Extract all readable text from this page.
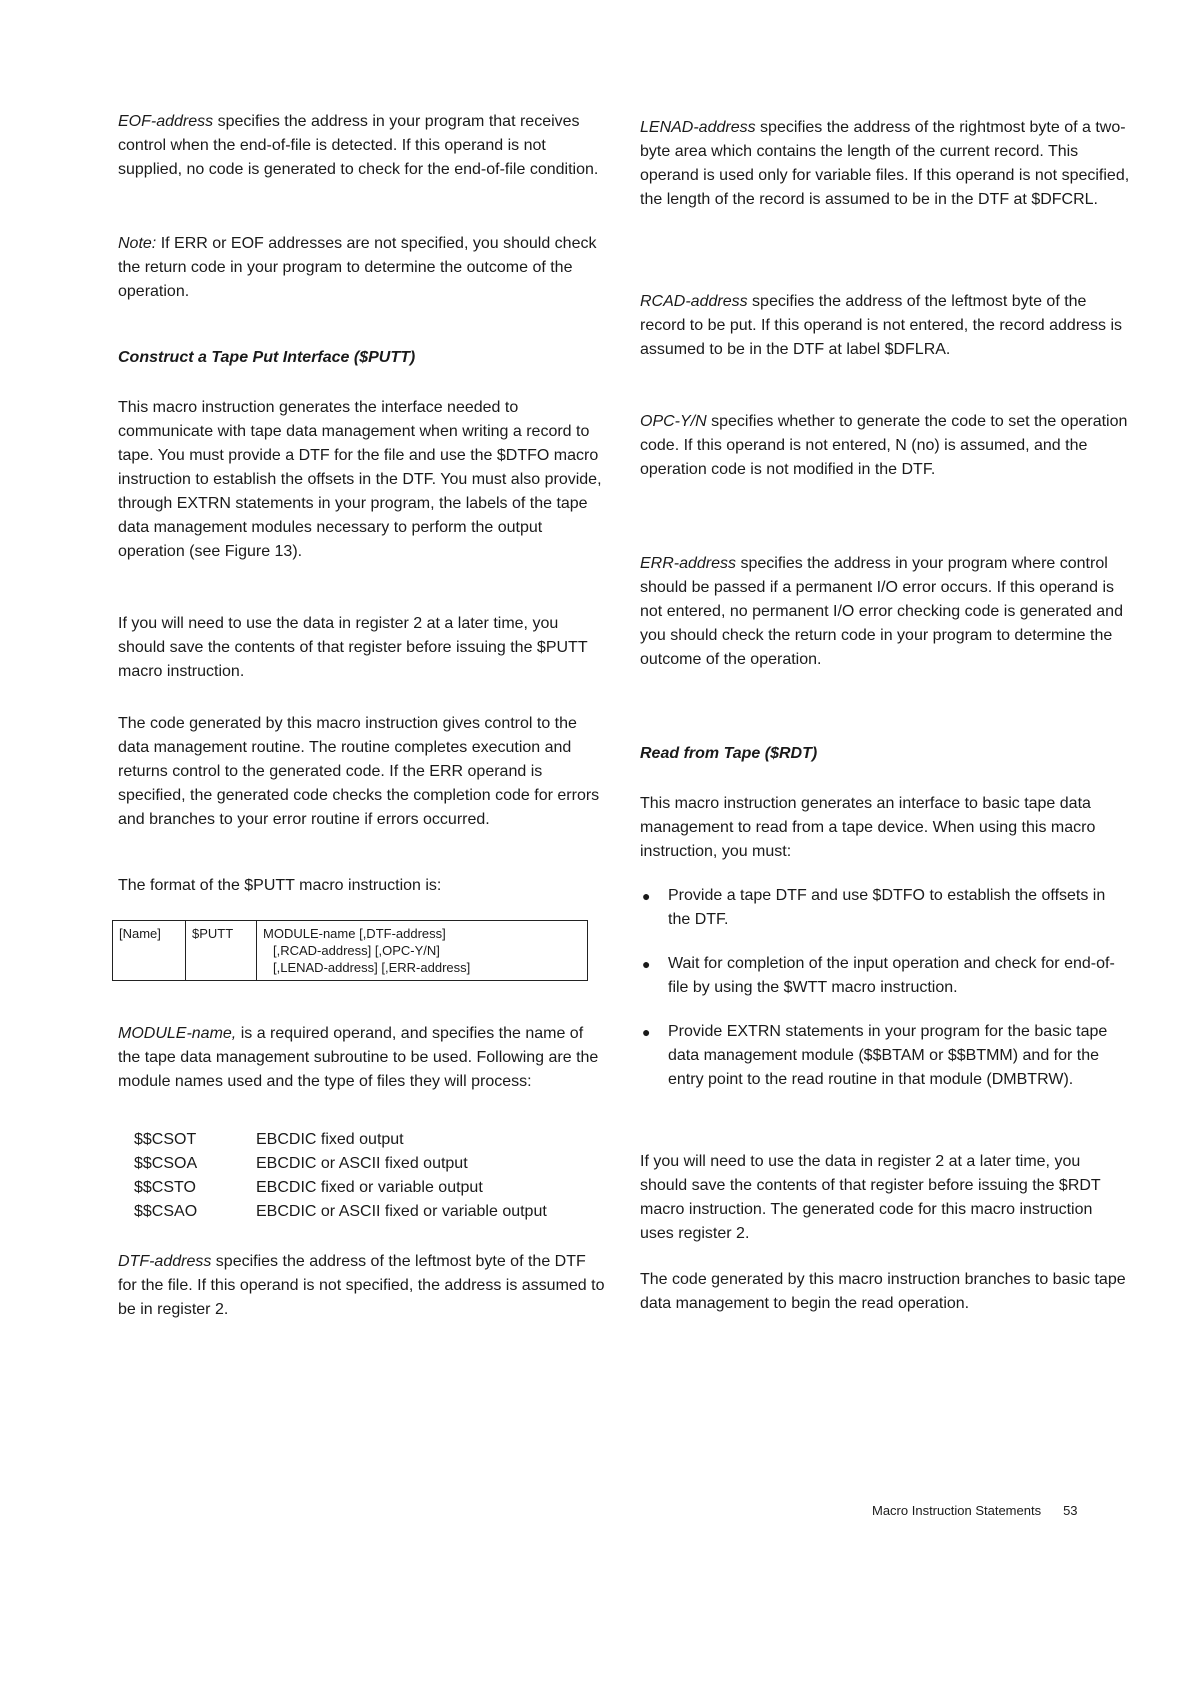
EOF-address specifies the address in your program that receives control when the end-of-file is detected. If this operand is not supplied, no code is generated to check for the end-of-file condition.

Note: If ERR or EOF addresses are not specified, you should check the return code in your program to determine the outcome of the operation.

Construct a Tape Put Interface ($PUTT)

This macro instruction generates the interface needed to communicate with tape data management when writing a record to tape. You must provide a DTF for the file and use the $DTFO macro instruction to establish the offsets in the DTF. You must also provide, through EXTRN statements in your program, the labels of the tape data management modules necessary to perform the output operation (see Figure 13).

If you will need to use the data in register 2 at a later time, you should save the contents of that register before issuing the $PUTT macro instruction.

The code generated by this macro instruction gives control to the data management routine. The routine completes execution and returns control to the generated code. If the ERR operand is specified, the generated code checks the completion code for errors and branches to your error routine if errors occurred.

The format of the $PUTT macro instruction is:

[Name]	$PUTT	MODULE-name [,DTF-address]
[,RCAD-address] [,OPC-Y/N]
[,LENAD-address] [,ERR-address]

MODULE-name, is a required operand, and specifies the name of the tape data management subroutine to be used. Following are the module names used and the type of files they will process:

$$CSOT	EBCDIC fixed output
$$CSOA	EBCDIC or ASCII fixed output
$$CSTO	EBCDIC fixed or variable output
$$CSAO	EBCDIC or ASCII fixed or variable output

DTF-address specifies the address of the leftmost byte of the DTF for the file. If this operand is not specified, the address is assumed to be in register 2.

LENAD-address specifies the address of the rightmost byte of a two-byte area which contains the length of the current record. This operand is used only for variable files. If this operand is not specified, the length of the record is assumed to be in the DTF at $DFCRL.

RCAD-address specifies the address of the leftmost byte of the record to be put. If this operand is not entered, the record address is assumed to be in the DTF at label $DFLRA.

OPC-Y/N specifies whether to generate the code to set the operation code. If this operand is not entered, N (no) is assumed, and the operation code is not modified in the DTF.

ERR-address specifies the address in your program where control should be passed if a permanent I/O error occurs. If this operand is not entered, no permanent I/O error checking code is generated and you should check the return code in your program to determine the outcome of the operation.

Read from Tape ($RDT)

This macro instruction generates an interface to basic tape data management to read from a tape device. When using this macro instruction, you must:

● Provide a tape DTF and use $DTFO to establish the offsets in the DTF.
● Wait for completion of the input operation and check for end-of-file by using the $WTT macro instruction.
● Provide EXTRN statements in your program for the basic tape data management module ($$BTAM or $$BTMM) and for the entry point to the read routine in that module (DMBTRW).

If you will need to use the data in register 2 at a later time, you should save the contents of that register before issuing the $RDT macro instruction. The generated code for this macro instruction uses register 2.

The code generated by this macro instruction branches to basic tape data management to begin the read operation.

Macro Instruction Statements 53
